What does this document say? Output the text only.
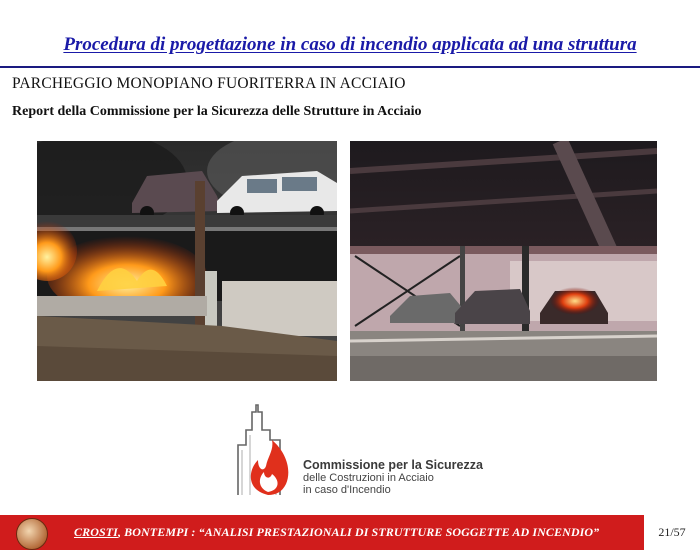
Procedura di progettazione in caso di incendio applicata ad una struttura
PARCHEGGIO MONOPIANO FUORITERRA IN ACCIAIO
Report della Commissione per la Sicurezza delle Strutture in Acciaio
Commissione per la Sicurezza
delle Costruzioni in Acciaio
in caso d'Incendio
CROSTI, BONTEMPI : “ANALISI PRESTAZIONALI DI STRUTTURE SOGGETTE AD INCENDIO”	21/57
